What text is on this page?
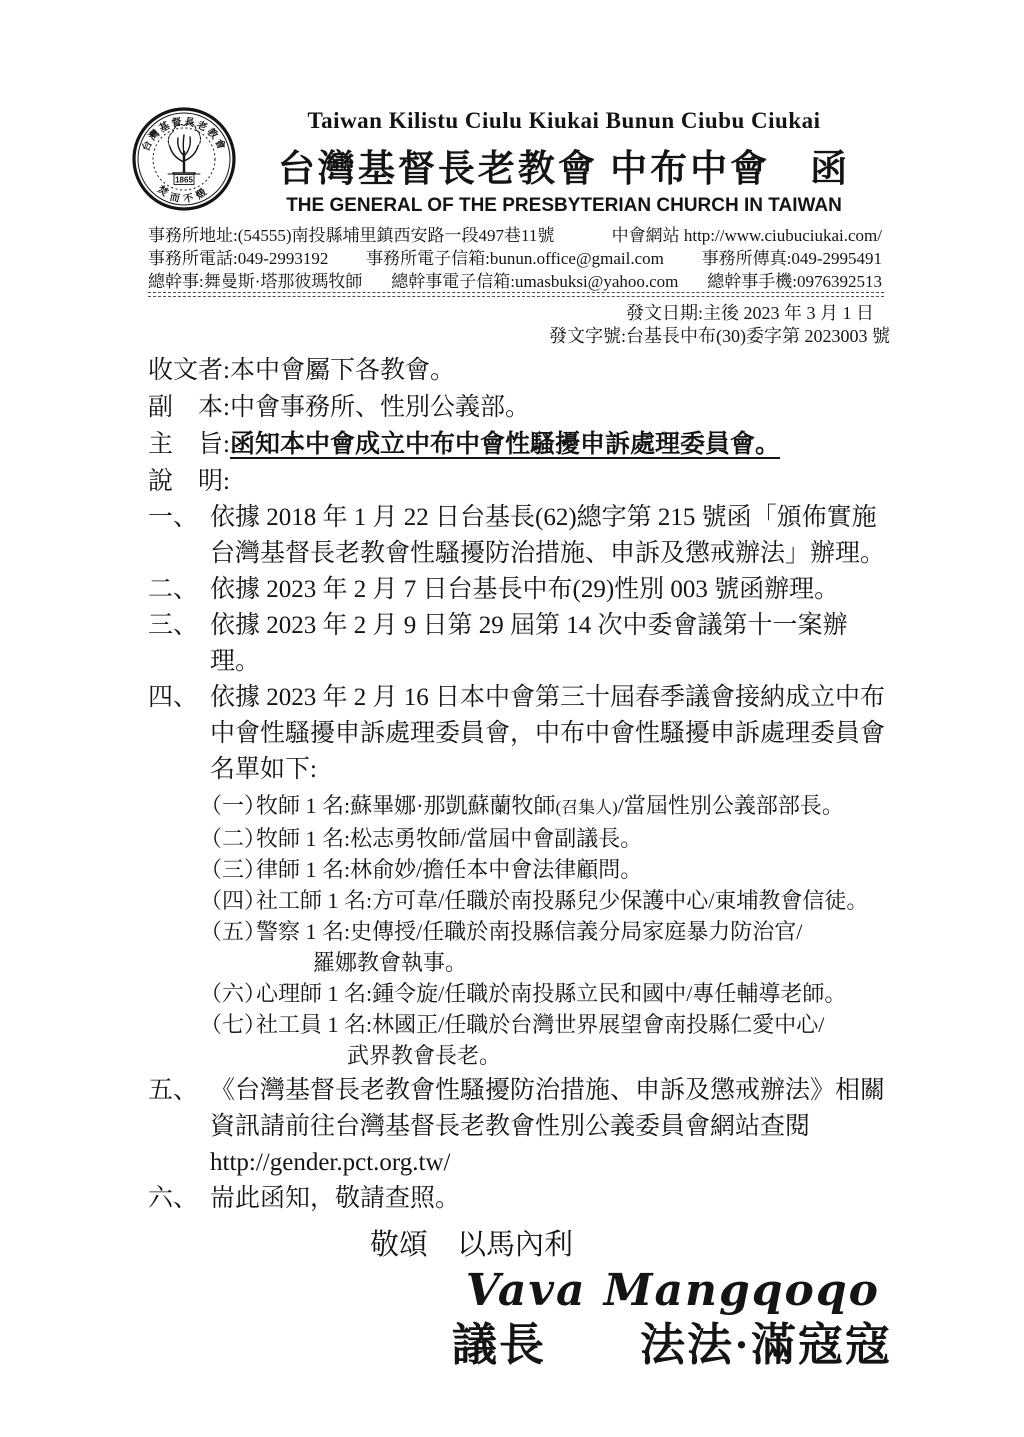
台灣基督長老教會
焚而不燬
1865
Taiwan Kilistu Ciulu Kiukai Bunun Ciubu Ciukai
台灣基督長老教會 中布中會　函
THE GENERAL OF THE PRESBYTERIAN CHURCH IN TAIWAN
事務所地址:(54555)南投縣埔里鎮西安路一段497巷11號	中會網站 http://www.ciubuciukai.com/
事務所電話:049-2993192 事務所電子信箱:bunun.office@gmail.com 事務所傳真:049-2995491
總幹事:舞曼斯·塔那彼瑪牧師 總幹事電子信箱:umasbuksi@yahoo.com 總幹事手機:0976392513
發文日期:主後 2023 年 3 月 1 日
發文字號:台基長中布(30)委字第 2023003 號
收文者: 本中會屬下各教會。
副　本: 中會事務所、性別公義部。
主　旨: 函知本中會成立中布中會性騷擾申訴處理委員會。
說　明:
一、 依據 2018 年 1 月 22 日台基長(62)總字第 215 號函「頒佈實施
台灣基督長老教會性騷擾防治措施、申訴及懲戒辦法」辦理。
二、 依據 2023 年 2 月 7 日台基長中布(29)性別 003 號函辦理。
三、 依據 2023 年 2 月 9 日第 29 屆第 14 次中委會議第十一案辦理。
四、 依據 2023 年 2 月 16 日本中會第三十屆春季議會接納成立中布
中會性騷擾申訴處理委員會，中布中會性騷擾申訴處理委員會
名單如下:
（一）
牧師 1 名:蘇畢娜·那凱蘇蘭牧師(召集人)/當屆性別公義部部長。
（二）
牧師 1 名:松志勇牧師/當屆中會副議長。
（三）
律師 1 名:林俞妙/擔任本中會法律顧問。
（四）
社工師 1 名:方可韋/任職於南投縣兒少保護中心/東埔教會信徒。
（五）
警察 1 名:史傳授/任職於南投縣信義分局家庭暴力防治官/
羅娜教會執事。
（六）
心理師 1 名:鍾令旋/任職於南投縣立民和國中/專任輔導老師。
（七）
社工員 1 名:林國正/任職於台灣世界展望會南投縣仁愛中心/
武界教會長老。
五、 《台灣基督長老教會性騷擾防治措施、申訴及懲戒辦法》相關
資訊請前往台灣基督長老教會性別公義委員會網站查閱
http://gender.pct.org.tw/
六、 耑此函知，敬請查照。
敬頌　以馬內利
Vava Mangqoqo
議長　　法法·滿寇寇
